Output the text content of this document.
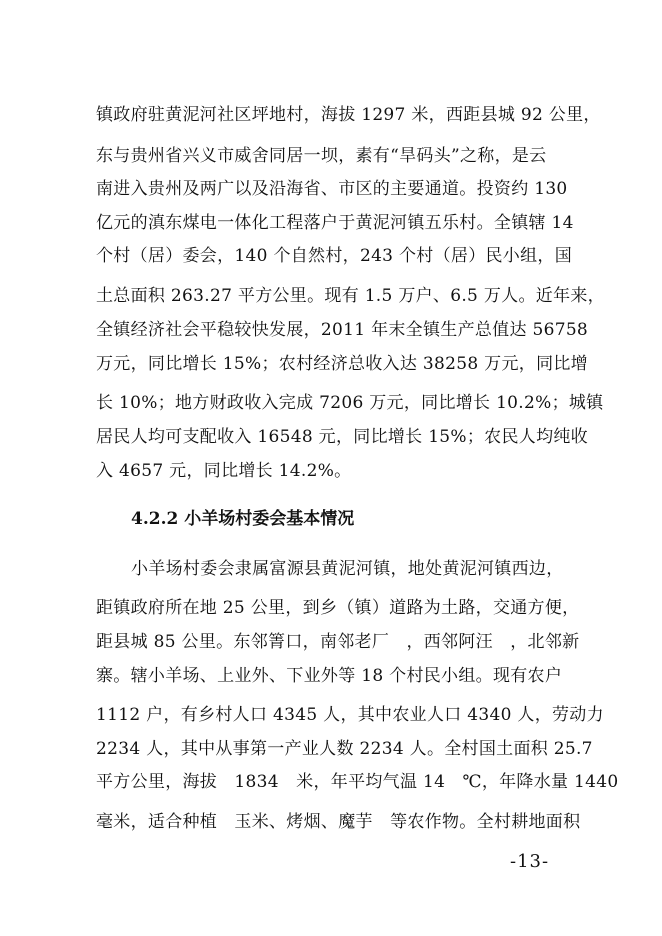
镇政府驻黄泥河社区坪地村，海拔 1297 米，西距县城 92 公里，

东与贵州省兴义市威舍同居一坝，素有“旱码头”之称，是云

南进入贵州及两广以及沿海省、市区的主要通道。投资约 130

亿元的滇东煤电一体化工程落户于黄泥河镇五乐村。全镇辖 14

个村（居）委会，140 个自然村，243 个村（居）民小组，国

土总面积 263.27 平方公里。现有 1.5 万户、6.5 万人。近年来，

全镇经济社会平稳较快发展，2011 年末全镇生产总值达 56758

万元，同比增长 15%；农村经济总收入达 38258 万元，同比增

长 10%；地方财政收入完成 7206 万元，同比增长 10.2%；城镇

居民人均可支配收入 16548 元，同比增长 15%；农民人均纯收

入 4657 元，同比增长 14.2%。

4.2.2 小羊场村委会基本情况

小羊场村委会隶属富源县黄泥河镇，地处黄泥河镇西边，

距镇政府所在地 25 公里，到乡（镇）道路为土路，交通方便，

距县城 85 公里。东邻箐口，南邻老厂　，西邻阿汪　，北邻新

寨。辖小羊场、上业外、下业外等 18 个村民小组。现有农户

1112 户，有乡村人口 4345 人，其中农业人口 4340 人，劳动力

2234 人，其中从事第一产业人数 2234 人。全村国土面积 25.7

平方公里，海拔　1834　米，年平均气温 14　℃，年降水量 1440

毫米，适合种植　玉米、烤烟、魔芋　等农作物。全村耕地面积

-13-
